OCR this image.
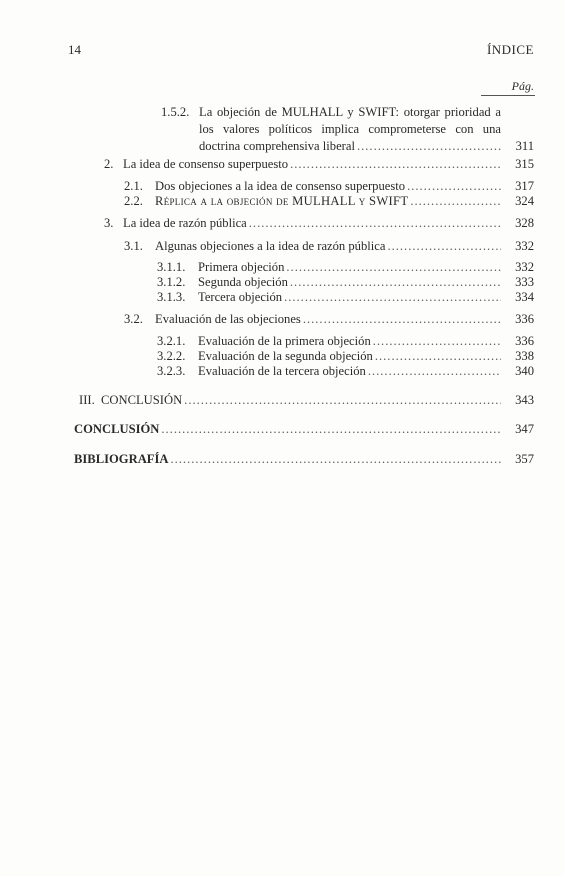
14	ÍNDICE
Pág.
1.5.2. La objeción de MULHALL y SWIFT: otorgar prioridad a
los valores políticos implica comprometerse con una
doctrina comprehensiva liberal .....	311
2. La idea de consenso superpuesto .....	315
2.1. Dos objeciones a la idea de consenso superpuesto .....	317
2.2. Réplica a la objeción de MULHALL y SWIFT .....	324
3. La idea de razón pública .....	328
3.1. Algunas objeciones a la idea de razón pública .....	332
3.1.1. Primera objeción .....	332
3.1.2. Segunda objeción .....	333
3.1.3. Tercera objeción .....	334
3.2. Evaluación de las objeciones .....	336
3.2.1. Evaluación de la primera objeción .....	336
3.2.2. Evaluación de la segunda objeción .....	338
3.2.3. Evaluación de la tercera objeción .....	340
III. CONCLUSIÓN .....	343
CONCLUSIÓN .....	347
BIBLIOGRAFÍA .....	357
